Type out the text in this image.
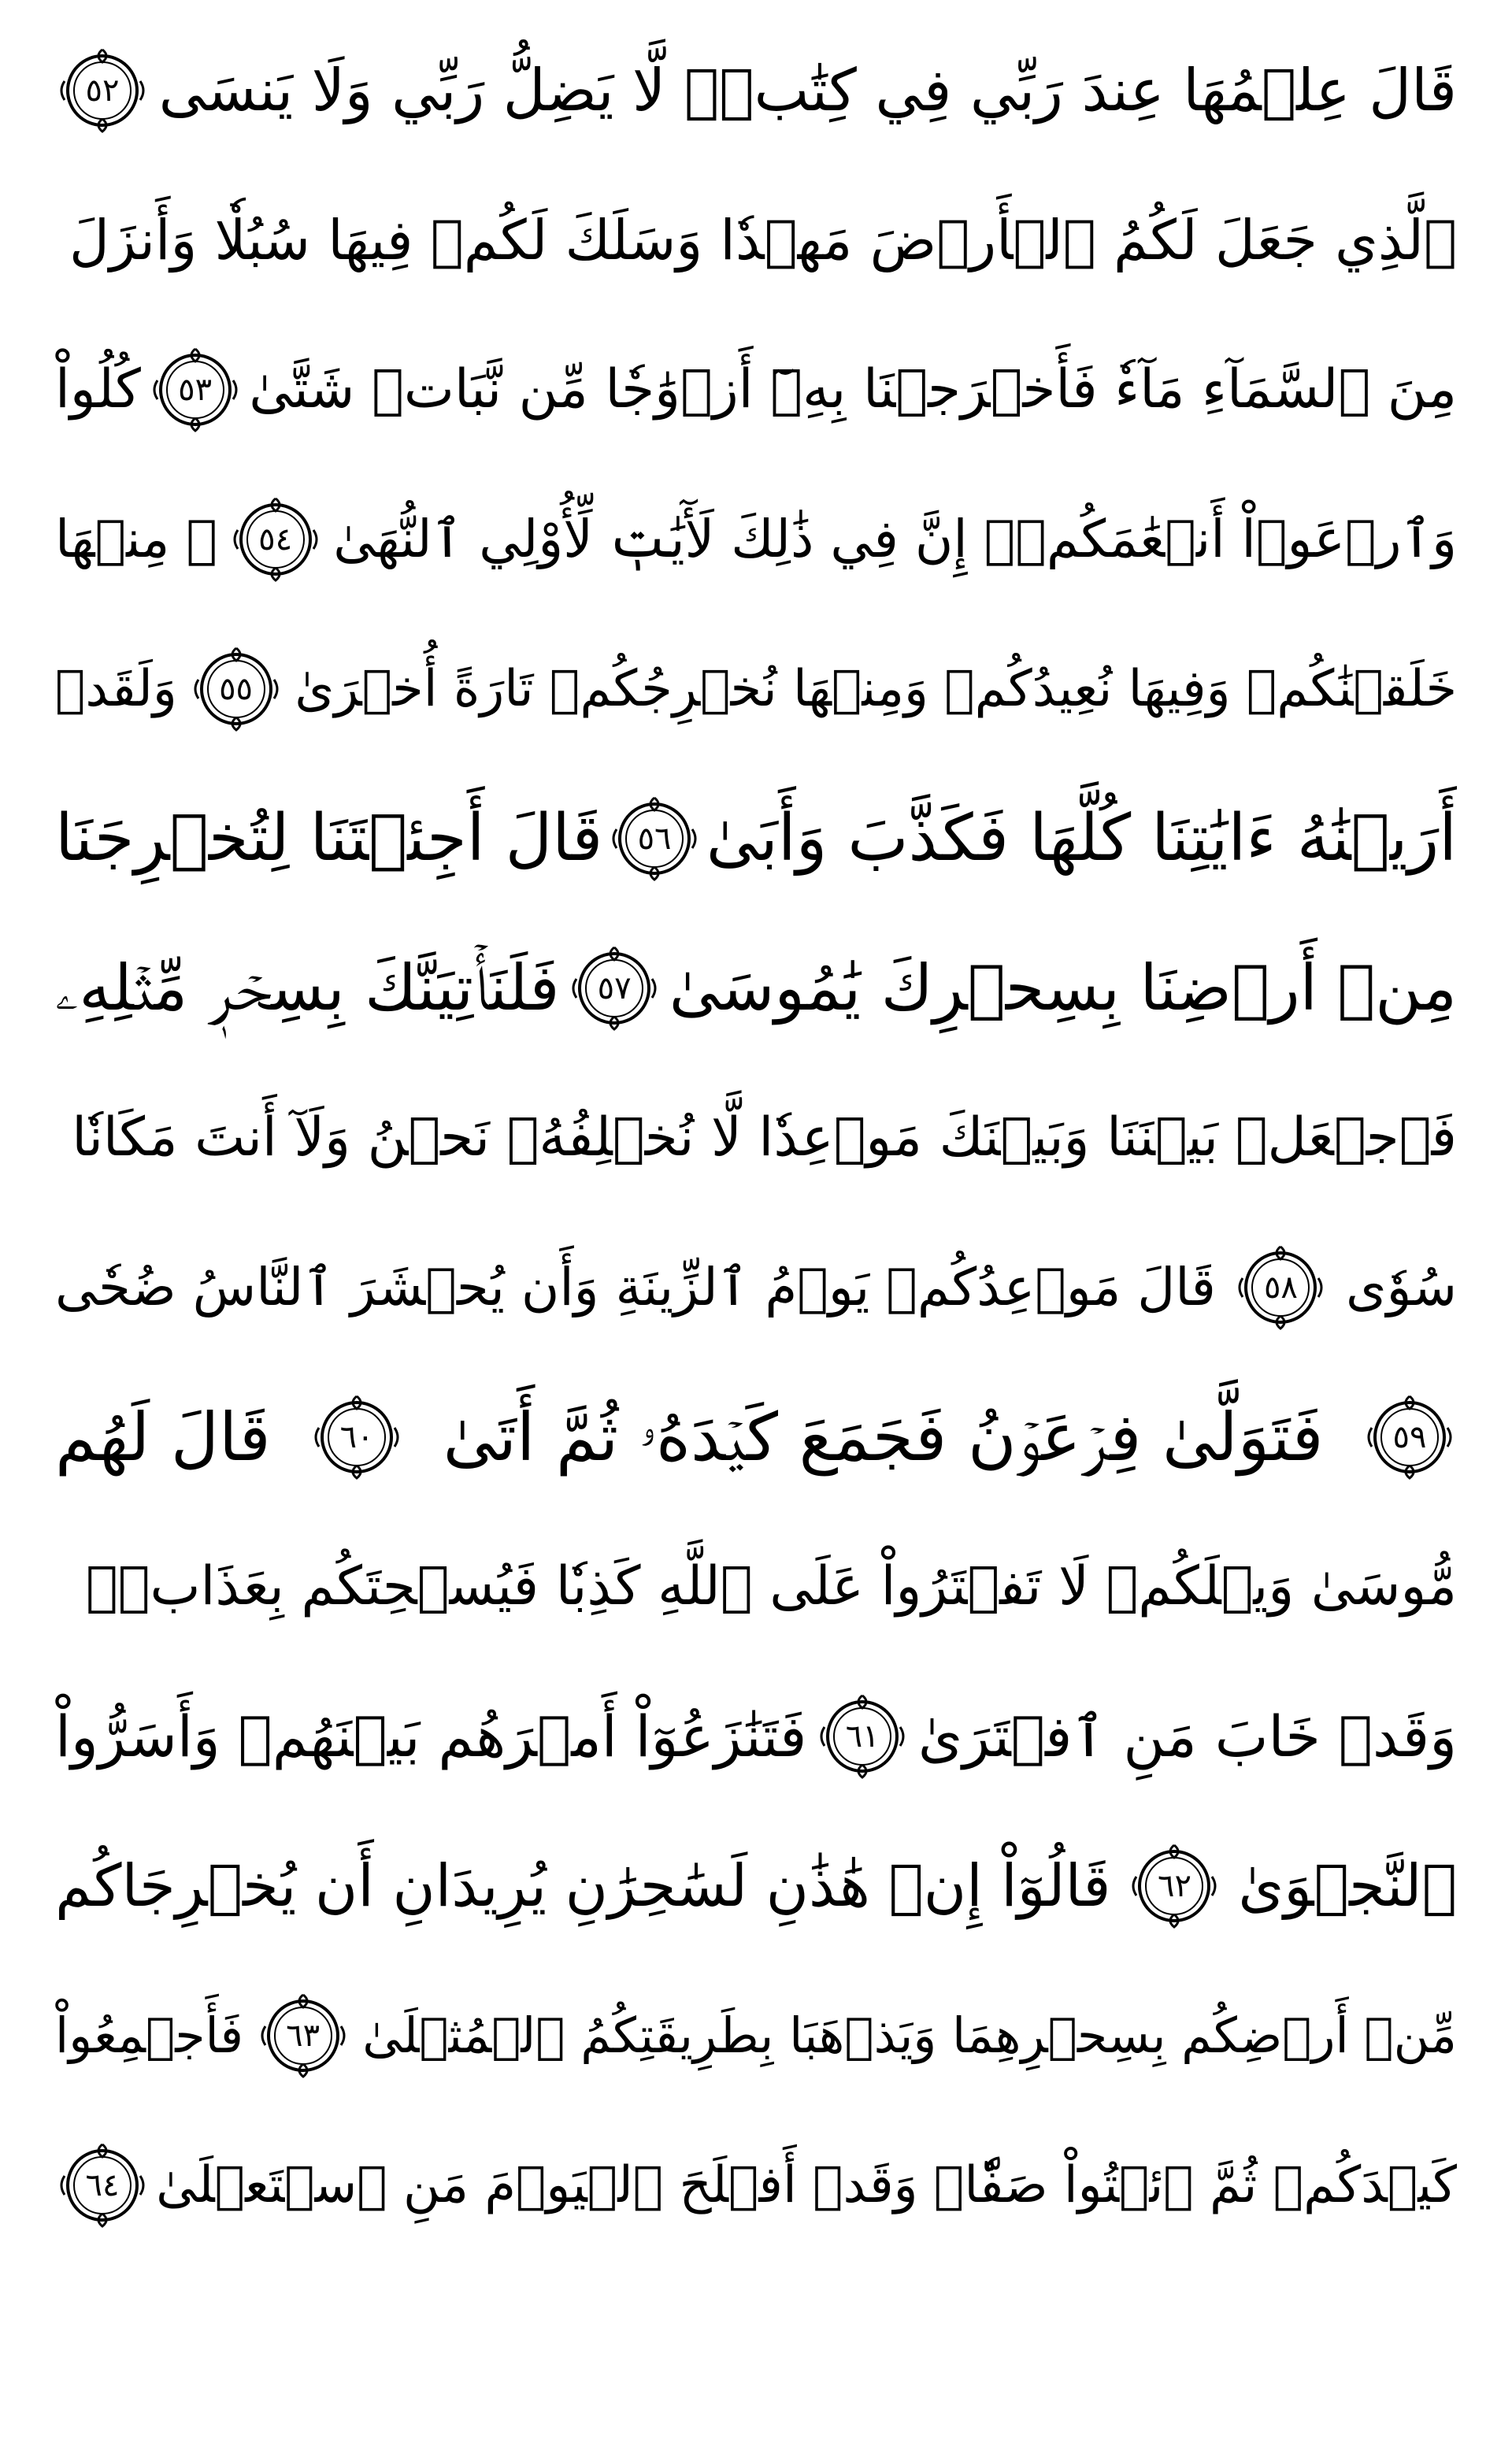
قَالَ عِلۡمُهَا عِندَ رَبِّي فِي كِتَٰبٖۖ لَّا يَضِلُّ رَبِّي وَلَا يَنسَى
٥٢
ٱلَّذِي جَعَلَ لَكُمُ ٱلۡأَرۡضَ مَهۡدٗا وَسَلَكَ لَكُمۡ فِيهَا سُبُلٗا وَأَنزَلَ
مِنَ ٱلسَّمَآءِ مَآءٗ فَأَخۡرَجۡنَا بِهِۦٓ أَزۡوَٰجٗا مِّن نَّبَاتٖ شَتَّىٰ
٥٣
كُلُواْ
وَٱرۡعَوۡاْ أَنۡعَٰمَكُمۡۚ إِنَّ فِي ذَٰلِكَ لَأٓيَٰتٖ لِّأُوْلِي ٱلنُّهَىٰ
٥٤
۞ مِنۡهَا
خَلَقۡنَٰكُمۡ وَفِيهَا نُعِيدُكُمۡ وَمِنۡهَا نُخۡرِجُكُمۡ تَارَةً أُخۡرَىٰ
٥٥
وَلَقَدۡ
أَرَيۡنَٰهُ ءَايَٰتِنَا كُلَّهَا فَكَذَّبَ وَأَبَىٰ
٥٦
قَالَ أَجِئۡتَنَا لِتُخۡرِجَنَا
مِنۡ أَرۡضِنَا بِسِحۡرِكَ يَٰمُوسَىٰ
٥٧
فَلَنَأۡتِيَنَّكَ بِسِحۡرٖ مِّثۡلِهِۦ
فَٱجۡعَلۡ بَيۡنَنَا وَبَيۡنَكَ مَوۡعِدٗا لَّا نُخۡلِفُهُۥ نَحۡنُ وَلَآ أَنتَ مَكَانٗا
سُوٗى
٥٨
قَالَ مَوۡعِدُكُمۡ يَوۡمُ ٱلزِّينَةِ وَأَن يُحۡشَرَ ٱلنَّاسُ ضُحٗى
٥٩
فَتَوَلَّىٰ فِرۡعَوۡنُ فَجَمَعَ كَيۡدَهُۥ ثُمَّ أَتَىٰ
٦٠
قَالَ لَهُم
مُّوسَىٰ وَيۡلَكُمۡ لَا تَفۡتَرُواْ عَلَى ٱللَّهِ كَذِبٗا فَيُسۡحِتَكُم بِعَذَابٖۖ
وَقَدۡ خَابَ مَنِ ٱفۡتَرَىٰ
٦١
فَتَنَٰزَعُوٓاْ أَمۡرَهُم بَيۡنَهُمۡ وَأَسَرُّواْ
ٱلنَّجۡوَىٰ
٦٢
قَالُوٓاْ إِنۡ هَٰذَٰنِ لَسَٰحِرَٰنِ يُرِيدَانِ أَن يُخۡرِجَاكُم
مِّنۡ أَرۡضِكُم بِسِحۡرِهِمَا وَيَذۡهَبَا بِطَرِيقَتِكُمُ ٱلۡمُثۡلَىٰ
٦٣
فَأَجۡمِعُواْ
كَيۡدَكُمۡ ثُمَّ ٱئۡتُواْ صَفّٗاۚ وَقَدۡ أَفۡلَحَ ٱلۡيَوۡمَ مَنِ ٱسۡتَعۡلَىٰ
٦٤
